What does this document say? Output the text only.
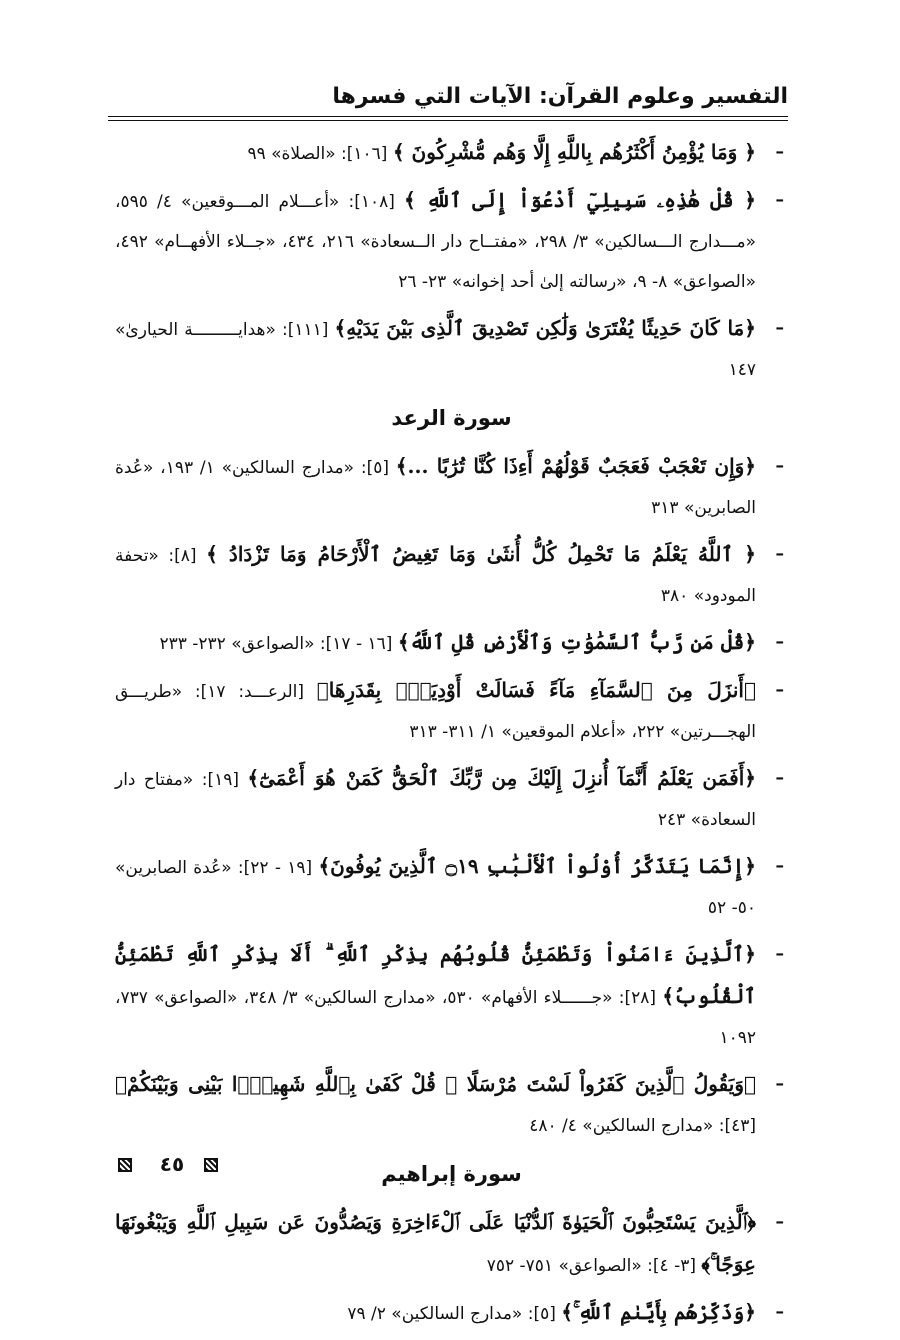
التفسير وعلوم القرآن: الآيات التي فسرها
–
﴿ وَمَا يُؤْمِنُ أَكْثَرُهُم بِاللَّهِ إِلَّا وَهُم مُّشْرِكُونَ ﴾ [١٠٦]: «الصلاة» ٩٩
–
﴿ قُلْ هَٰذِهِۦ سَبِيلِيٓ أَدْعُوٓاْ إِلَى ٱللَّهِ ﴾ [١٠٨]: «أعـــلام المـــوقعين» ٤/ ٥٩٥، «مـــدارج الـــسالكين» ٣/ ٢٩٨، «مفتــاح دار الــسعادة» ٢١٦، ٤٣٤، «جــلاء الأفهــام» ٤٩٢، «الصواعق» ٨- ٩، «رسالته إلىٰ أحد إخوانه» ٢٣- ٢٦
–
﴿مَا كَانَ حَدِيثًا يُفْتَرَىٰ وَلَٰكِن تَصْدِيقَ ٱلَّذِى بَيْنَ يَدَيْهِ﴾ [١١١]: «هدايـــــــــة الحيارىٰ» ١٤٧
سورة الرعد
–
﴿وَإِن تَعْجَبْ فَعَجَبٌ قَوْلُهُمْ أَءِذَا كُنَّا تُرَٰبًا ...﴾ [٥]: «مدارج السالكين» ١/ ١٩٣، «عُدة الصابرين» ٣١٣
–
﴿ ٱللَّهُ يَعْلَمُ مَا تَحْمِلُ كُلُّ أُنثَىٰ وَمَا تَغِيضُ ٱلْأَرْحَامُ وَمَا تَزْدَادُ ﴾ [٨]: «تحفة المودود» ٣٨٠
–
﴿قُلْ مَن رَّبُّ ٱلسَّمَٰوَٰتِ وَٱلْأَرْضِ قُلِ ٱللَّهُ﴾ [١٦ - ١٧]: «الصواعق» ٢٣٢- ٢٣٣
–
﴿أَنزَلَ مِنَ ٱلسَّمَآءِ مَآءً فَسَالَتْ أَوْدِيَةٌۢ بِقَدَرِهَا﴾ [الرعـــد: ١٧]: «طريـــق الهجـــرتين» ٢٢٢، «أعلام الموقعين» ١/ ٣١١- ٣١٣
–
﴿أَفَمَن يَعْلَمُ أَنَّمَآ أُنزِلَ إِلَيْكَ مِن رَّبِّكَ ٱلْحَقُّ كَمَنْ هُوَ أَعْمَىٰٓ﴾ [١٩]: «مفتاح دار السعادة» ٢٤٣
–
﴿إِنَّمَا يَتَذَكَّرُ أُوْلُواْ ٱلْأَلْبَٰبِ ۝١٩ ٱلَّذِينَ يُوفُونَ﴾ [١٩ - ٢٢]: «عُدة الصابرين» ٥٠- ٥٢
–
﴿ٱلَّذِينَ ءَامَنُواْ وَتَطْمَئِنُّ قُلُوبُهُم بِذِكْرِ ٱللَّهِ ۗ أَلَا بِذِكْرِ ٱللَّهِ تَطْمَئِنُّ ٱلْقُلُوبُ﴾ [٢٨]: «جــــــلاء الأفهام» ٥٣٠، «مدارج السالكين» ٣/ ٣٤٨، «الصواعق» ٧٣٧، ١٠٩٢
–
﴿وَيَقُولُ ٱلَّذِينَ كَفَرُواْ لَسْتَ مُرْسَلًا ۚ قُلْ كَفَىٰ بِٱللَّهِ شَهِيدًۢا بَيْنِى وَبَيْنَكُمْ﴾ [٤٣]: «مدارج السالكين» ٤/ ٤٨٠
سورة إبراهيم
–
﴿ٱلَّذِينَ يَسْتَحِبُّونَ ٱلْحَيَوٰةَ ٱلدُّنْيَا عَلَى ٱلْءَاخِرَةِ وَيَصُدُّونَ عَن سَبِيلِ ٱللَّهِ وَيَبْغُونَهَا عِوَجًا ۚ﴾ [٣- ٤]: «الصواعق» ٧٥١- ٧٥٢
–
﴿وَذَكِّرْهُم بِأَيَّىٰمِ ٱللَّهِ ۚ﴾ [٥]: «مدارج السالكين» ٢/ ٧٩
٤٥
